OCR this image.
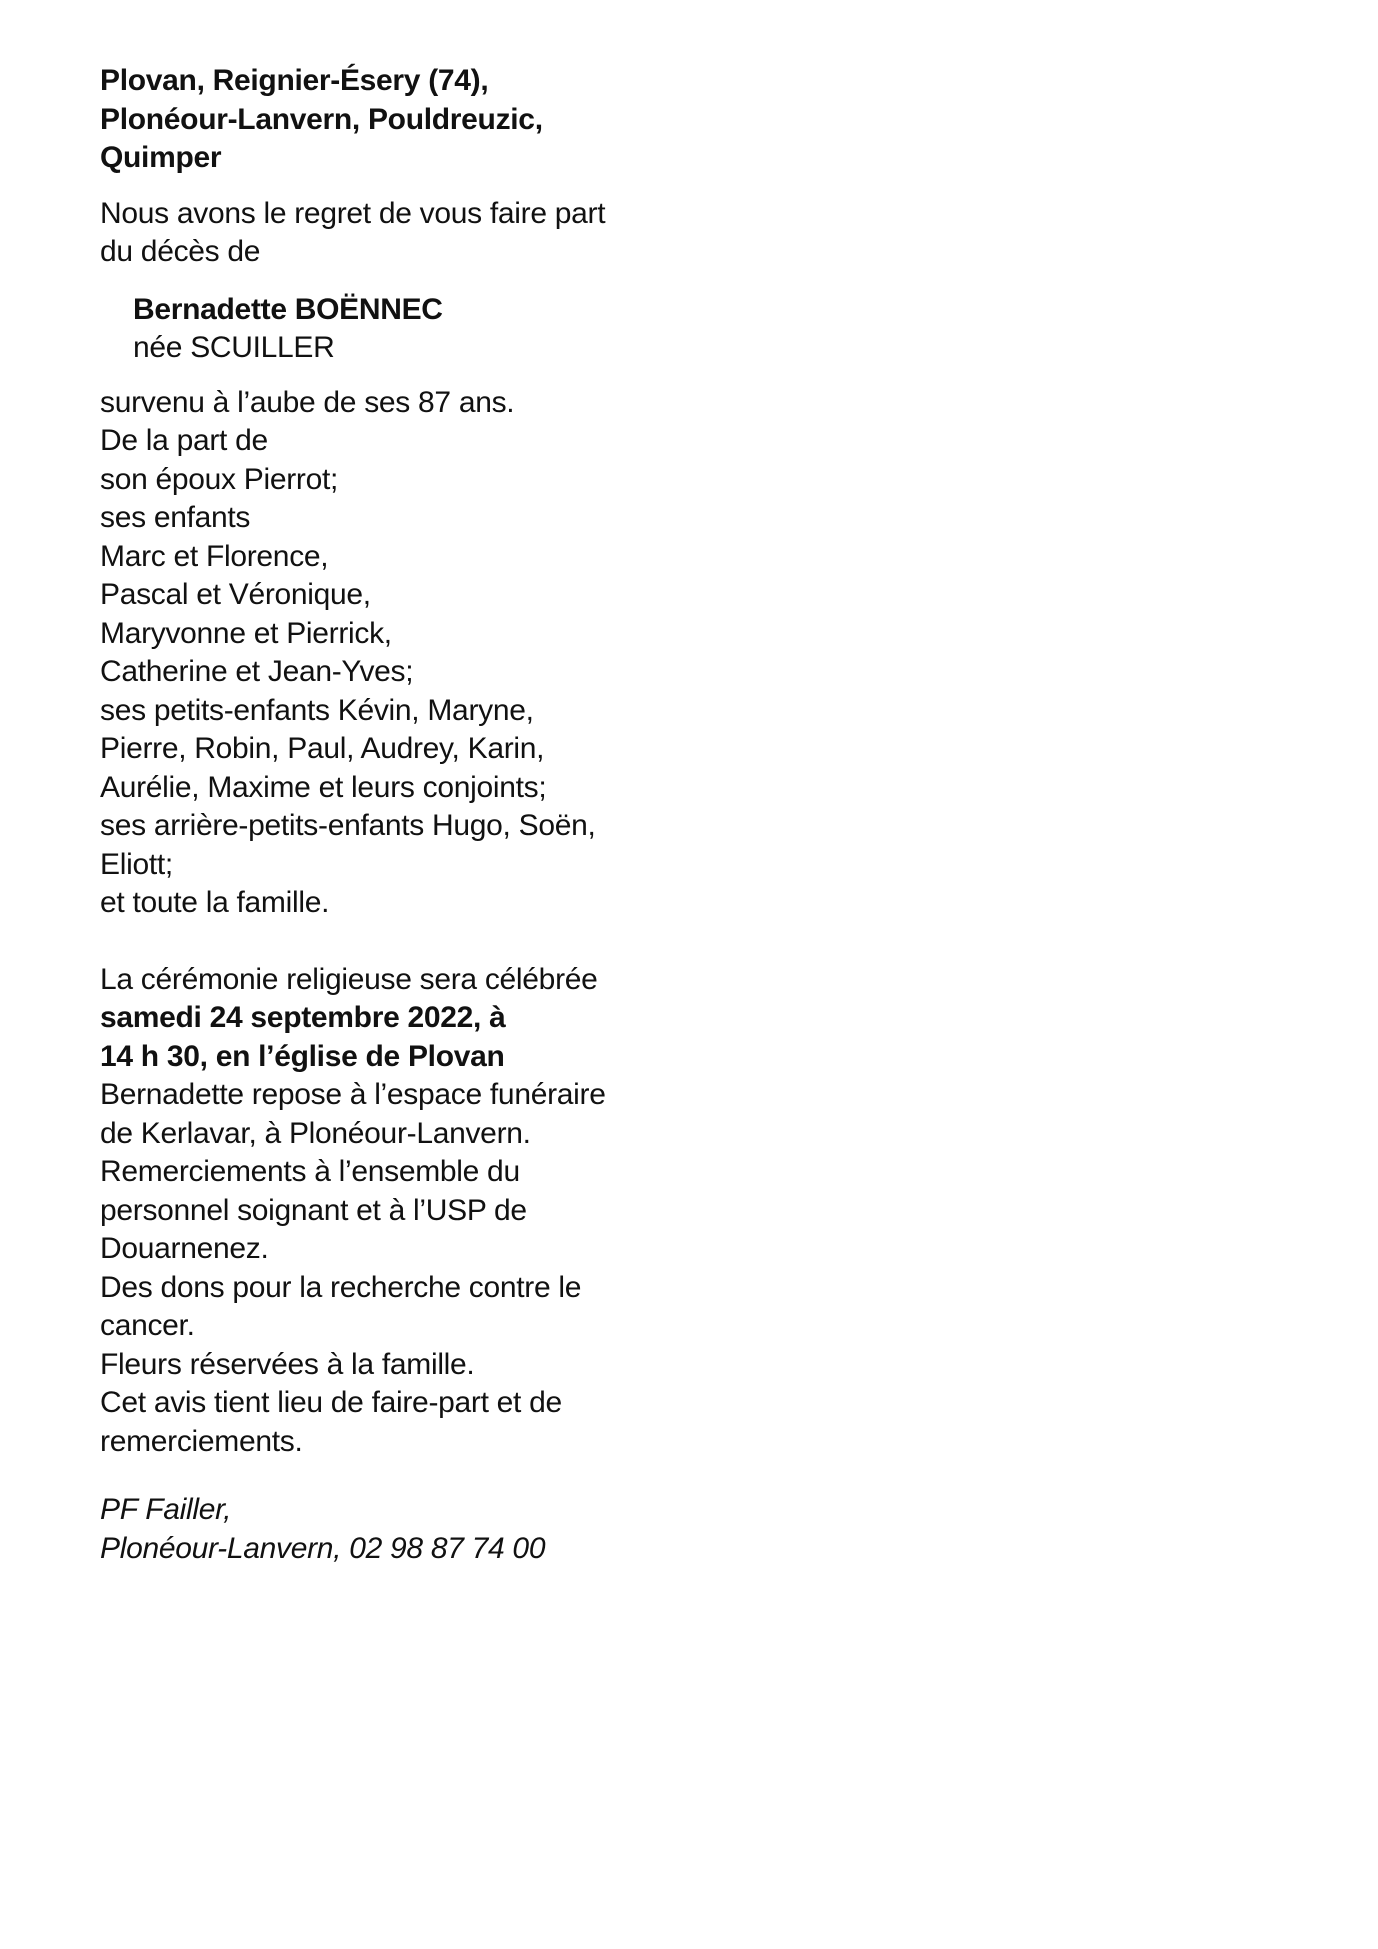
Plovan, Reignier-Ésery (74),
Plonéour-Lanvern, Pouldreuzic,
Quimper
Nous avons le regret de vous faire part
du décès de
Bernadette BOËNNEC
née SCUILLER
survenu à l’aube de ses 87 ans.
De la part de
son époux Pierrot;
ses enfants
Marc et Florence,
Pascal et Véronique,
Maryvonne et Pierrick,
Catherine et Jean-Yves;
ses petits-enfants Kévin, Maryne,
Pierre, Robin, Paul, Audrey, Karin,
Aurélie, Maxime et leurs conjoints;
ses arrière-petits-enfants Hugo, Soën,
Eliott;
et toute la famille.
La cérémonie religieuse sera célébrée
samedi 24 septembre 2022, à
14 h 30, en l’église de Plovan
Bernadette repose à l’espace funéraire
de Kerlavar, à Plonéour-Lanvern.
Remerciements à l’ensemble du
personnel soignant et à l’USP de
Douarnenez.
Des dons pour la recherche contre le
cancer.
Fleurs réservées à la famille.
Cet avis tient lieu de faire-part et de
remerciements.
PF Failler,
Plonéour-Lanvern, 02 98 87 74 00
